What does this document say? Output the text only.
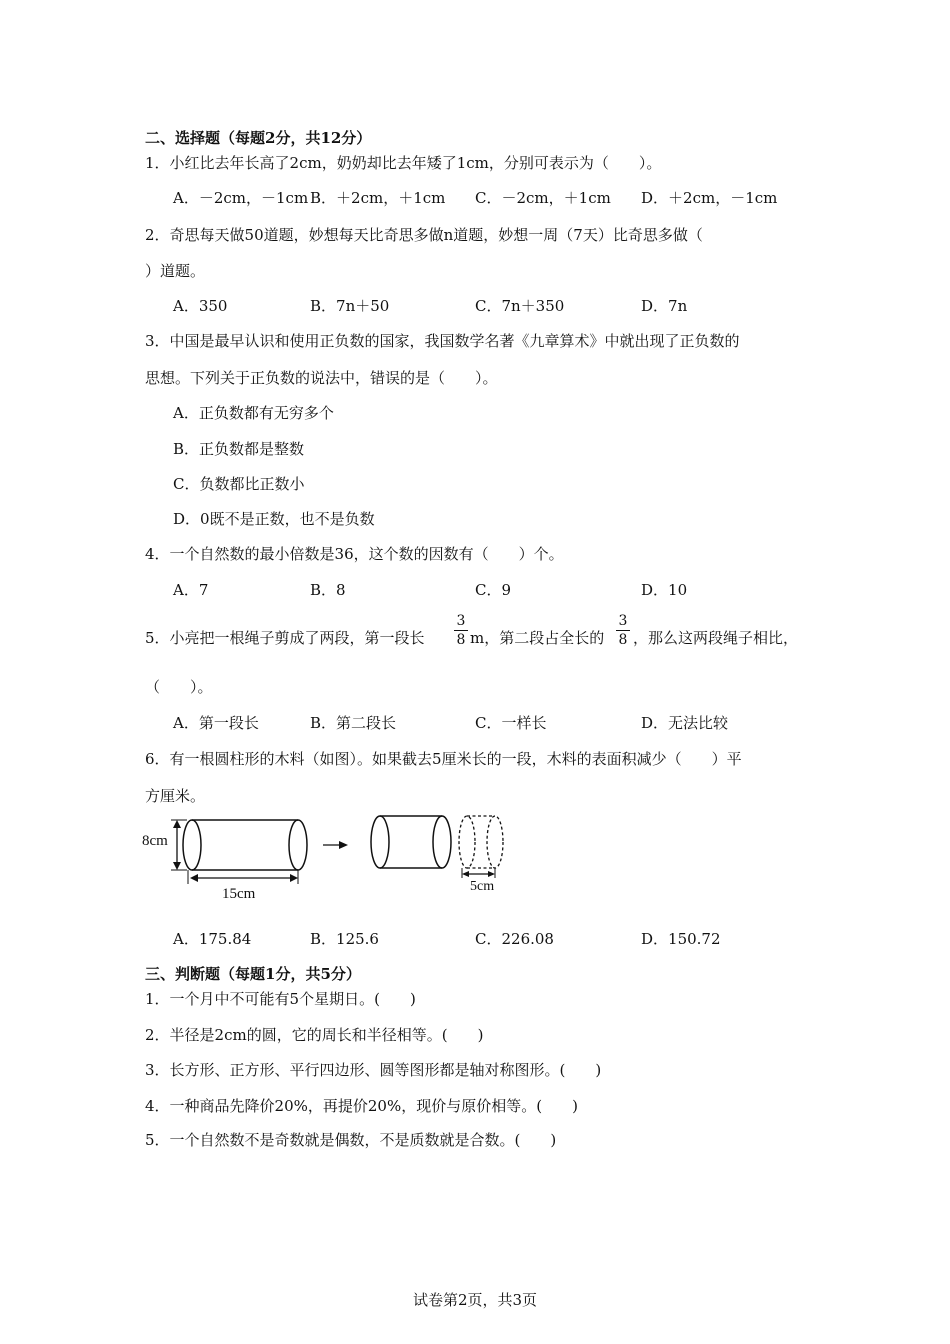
二、选择题（每题2分，共12分）
1．小红比去年长高了2cm，奶奶却比去年矮了1cm，分别可表示为（　　）。
A．－2cm，－1cm B．＋2cm，＋1cm C．－2cm，＋1cm D．＋2cm，－1cm
2．奇思每天做50道题，妙想每天比奇思多做n道题，妙想一周（7天）比奇思多做（
）道题。
A．350	B．7n＋50	C．7n＋350	D．7n
3．中国是最早认识和使用正负数的国家，我国数学名著《九章算术》中就出现了正负数的
思想。下列关于正负数的说法中，错误的是（　　）。
A．正负数都有无穷多个
B．正负数都是整数
C．负数都比正数小
D．0既不是正数，也不是负数
4．一个自然数的最小倍数是36，这个数的因数有（　　）个。
A．7	B．8	C．9	D．10
5．小亮把一根绳子剪成了两段，第一段长
3
8 m，第二段占全长的
3
8 ，那么这两段绳子相比，
（　　）。
A．第一段长	B．第二段长	C．一样长	D．无法比较
6．有一根圆柱形的木料（如图）。如果截去5厘米长的一段，木料的表面积减少（　　）平
方厘米。
8cm
15cm	5cm
A．175.84	B．125.6	C．226.08	D．150.72
三、判断题（每题1分，共5分）
1．一个月中不可能有5个星期日。(　　)
2．半径是2cm的圆，它的周长和半径相等。(　　)
3．长方形、正方形、平行四边形、圆等图形都是轴对称图形。(　　)
4．一种商品先降价20%，再提价20%，现价与原价相等。(　　)
5．一个自然数不是奇数就是偶数，不是质数就是合数。(　　)
试卷第2页，共3页
